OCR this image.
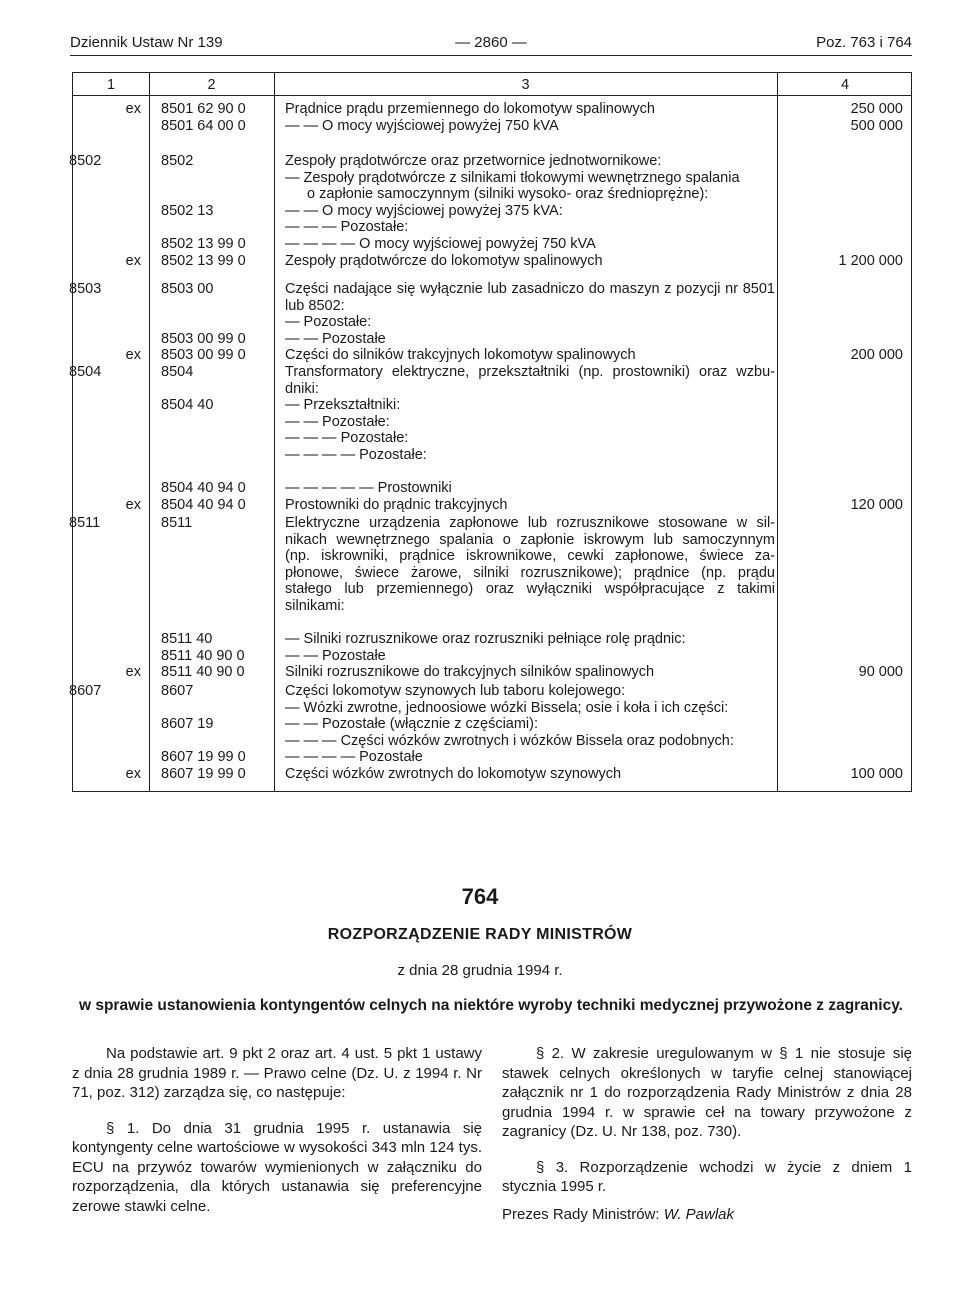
Dziennik Ustaw Nr 139	— 2860 —	Poz. 763 i 764
1	2	3	4
ex 8501 62 90 0	Prądnice prądu przemiennego do lokomotyw spalinowych	250 000
8501 64 00 0	— — O mocy wyjściowej powyżej 750 kVA	500 000
8502	8502	Zespoły prądotwórcze oraz przetwornice jednotwornikowe:
— Zespoły prądotwórcze z silnikami tłokowymi wewnętrznego spalania
o zapłonie samoczynnym (silniki wysoko- oraz średnioprężne):
8502 13	— — O mocy wyjściowej powyżej 375 kVA:
— — — Pozostałe:
8502 13 99 0	— — — — O mocy wyjściowej powyżej 750 kVA
ex 8502 13 99 0	Zespoły prądotwórcze do lokomotyw spalinowych	1 200 000
8503	8503 00	Części nadające się wyłącznie lub zasadniczo do maszyn z pozycji nr 8501
lub 8502:
— Pozostałe:
8503 00 99 0	— — Pozostałe
ex 8503 00 99 0	Części do silników trakcyjnych lokomotyw spalinowych	200 000
8504	8504	Transformatory elektryczne, przekształtniki (np. prostowniki) oraz wzbu-
dniki:
8504 40	— Przekształtniki:
— — Pozostałe:
— — — Pozostałe:
— — — — Pozostałe:
8504 40 94 0	— — — — — Prostowniki
ex 8504 40 94 0	Prostowniki do prądnic trakcyjnych	120 000
8511	8511	Elektryczne urządzenia zapłonowe lub rozrusznikowe stosowane w sil-
nikach wewnętrznego spalania o zapłonie iskrowym lub samoczynnym
(np. iskrowniki, prądnice iskrownikowe, cewki zapłonowe, świece za-
płonowe, świece żarowe, silniki rozrusznikowe); prądnice (np. prądu
stałego lub przemiennego) oraz wyłączniki współpracujące z takimi
silnikami:
8511 40	— Silniki rozrusznikowe oraz rozruszniki pełniące rolę prądnic:
8511 40 90 0	— — Pozostałe
ex 8511 40 90 0	Silniki rozrusznikowe do trakcyjnych silników spalinowych	90 000
8607	8607	Części lokomotyw szynowych lub taboru kolejowego:
— Wózki zwrotne, jednoosiowe wózki Bissela; osie i koła i ich części:
8607 19	— — Pozostałe (włącznie z częściami):
— — — Części wózków zwrotnych i wózków Bissela oraz podobnych:
8607 19 99 0	— — — — Pozostałe
ex 8607 19 99 0	Części wózków zwrotnych do lokomotyw szynowych	100 000
764
ROZPORZĄDZENIE RADY MINISTRÓW
z dnia 28 grudnia 1994 r.
w sprawie ustanowienia kontyngentów celnych na niektóre wyroby techniki medycznej przywożone z zagranicy.

Na podstawie art. 9 pkt 2 oraz art. 4 ust. 5 pkt 1 ustawy z dnia 28 grudnia 1989 r. — Prawo celne (Dz. U. z 1994 r. Nr 71, poz. 312) zarządza się, co następuje:

§ 1. Do dnia 31 grudnia 1995 r. ustanawia się kontyngenty celne wartościowe w wysokości 343 mln 124 tys. ECU na przywóz towarów wymienionych w załączniku do rozporządzenia, dla których ustanawia się preferencyjne zerowe stawki celne.

§ 2. W zakresie uregulowanym w § 1 nie stosuje się stawek celnych określonych w taryfie celnej stanowiącej załącznik nr 1 do rozporządzenia Rady Ministrów z dnia 28 grudnia 1994 r. w sprawie ceł na towary przywożone z zagranicy (Dz. U. Nr 138, poz. 730).

§ 3. Rozporządzenie wchodzi w życie z dniem 1 stycznia 1995 r.

Prezes Rady Ministrów: W. Pawlak
